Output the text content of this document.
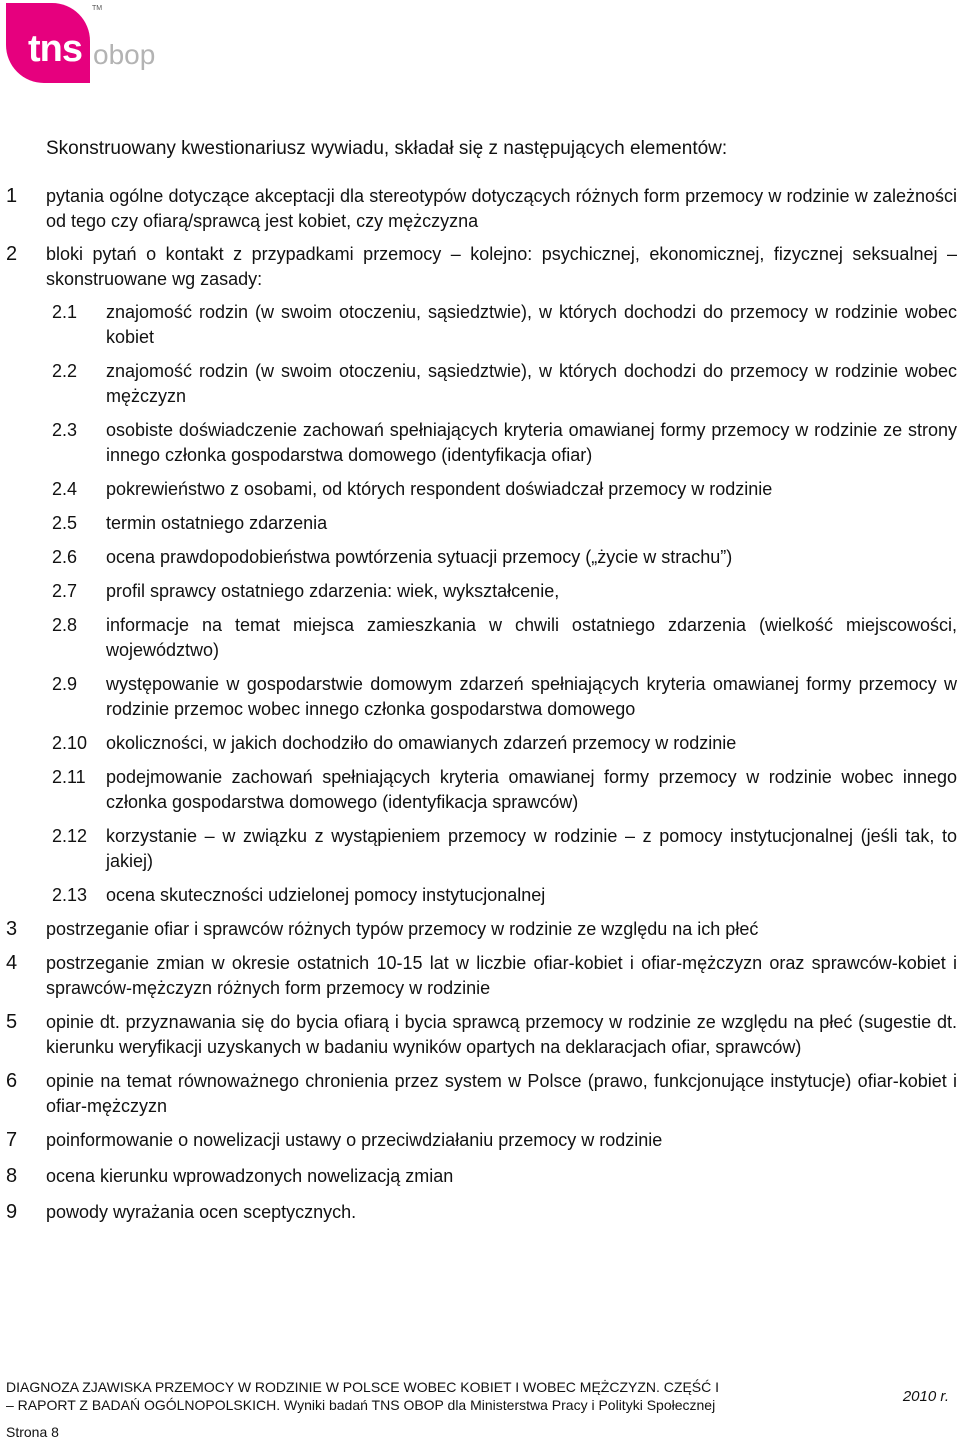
tns obop
TM
Skonstruowany kwestionariusz wywiadu, składał się z następujących elementów:
1 pytania ogólne dotyczące akceptacji dla stereotypów dotyczących różnych form przemocy w rodzinie w zależności od tego czy ofiarą/sprawcą jest kobiet, czy mężczyzna
2 bloki pytań o kontakt z przypadkami przemocy – kolejno: psychicznej, ekonomicznej, fizycznej seksualnej – skonstruowane wg zasady:
2.1 znajomość rodzin (w swoim otoczeniu, sąsiedztwie), w których dochodzi do przemocy w rodzinie wobec kobiet
2.2 znajomość rodzin (w swoim otoczeniu, sąsiedztwie), w których dochodzi do przemocy w rodzinie wobec mężczyzn
2.3 osobiste doświadczenie zachowań spełniających kryteria omawianej formy przemocy w rodzinie ze strony innego członka gospodarstwa domowego (identyfikacja ofiar)
2.4 pokrewieństwo z osobami, od których respondent doświadczał przemocy w rodzinie
2.5 termin ostatniego zdarzenia
2.6 ocena prawdopodobieństwa powtórzenia sytuacji przemocy („życie w strachu”)
2.7 profil sprawcy ostatniego zdarzenia: wiek, wykształcenie,
2.8 informacje na temat miejsca zamieszkania w chwili ostatniego zdarzenia (wielkość miejscowości, województwo)
2.9 występowanie w gospodarstwie domowym zdarzeń spełniających kryteria omawianej formy przemocy w rodzinie przemoc wobec innego członka gospodarstwa domowego
2.10 okoliczności, w jakich dochodziło do omawianych zdarzeń przemocy w rodzinie
2.11 podejmowanie zachowań spełniających kryteria omawianej formy przemocy w rodzinie wobec innego członka gospodarstwa domowego (identyfikacja sprawców)
2.12 korzystanie – w związku z wystąpieniem przemocy w rodzinie – z pomocy instytucjonalnej (jeśli tak, to jakiej)
2.13 ocena skuteczności udzielonej pomocy instytucjonalnej
3 postrzeganie ofiar i sprawców różnych typów przemocy w rodzinie ze względu na ich płeć
4 postrzeganie zmian w okresie ostatnich 10-15 lat w liczbie ofiar-kobiet i ofiar-mężczyzn oraz sprawców-kobiet i sprawców-mężczyzn różnych form przemocy w rodzinie
5 opinie dt. przyznawania się do bycia ofiarą i bycia sprawcą przemocy w rodzinie ze względu na płeć (sugestie dt. kierunku weryfikacji uzyskanych w badaniu wyników opartych na deklaracjach ofiar, sprawców)
6 opinie na temat równoważnego chronienia przez system w Polsce (prawo, funkcjonujące instytucje) ofiar-kobiet i ofiar-mężczyzn
7 poinformowanie o nowelizacji ustawy o przeciwdziałaniu przemocy w rodzinie
8 ocena kierunku wprowadzonych nowelizacją zmian
9 powody wyrażania ocen sceptycznych.
DIAGNOZA ZJAWISKA PRZEMOCY W RODZINIE W POLSCE WOBEC KOBIET I WOBEC MĘŻCZYZN. CZĘŚĆ I
– RAPORT Z BADAŃ OGÓLNOPOLSKICH. Wyniki badań TNS OBOP dla Ministerstwa Pracy i Polityki Społecznej	2010 r.
Strona 8
